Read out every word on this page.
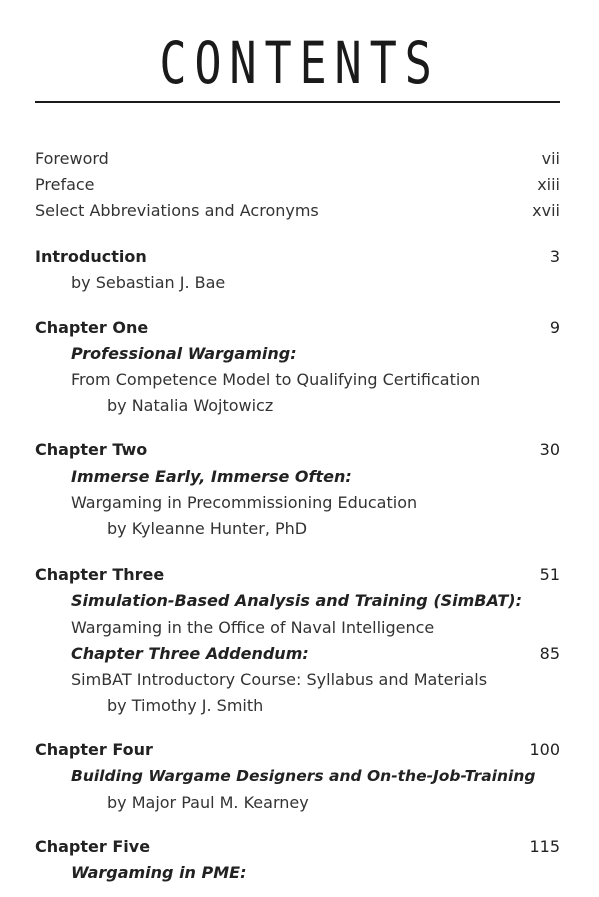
CONTENTS
Foreword	vii
Preface	xiii
Select Abbreviations and Acronyms	xvii
Introduction	3
by Sebastian J. Bae
Chapter One	9
Professional Wargaming:
From Competence Model to Qualifying Certification
by Natalia Wojtowicz
Chapter Two	30
Immerse Early, Immerse Often:
Wargaming in Precommissioning Education
by Kyleanne Hunter, PhD
Chapter Three	51
Simulation-Based Analysis and Training (SimBAT):
Wargaming in the Office of Naval Intelligence
Chapter Three Addendum:	85
SimBAT Introductory Course: Syllabus and Materials
by Timothy J. Smith
Chapter Four	100
Building Wargame Designers and On-the-Job-Training
by Major Paul M. Kearney
Chapter Five	115
Wargaming in PME:
